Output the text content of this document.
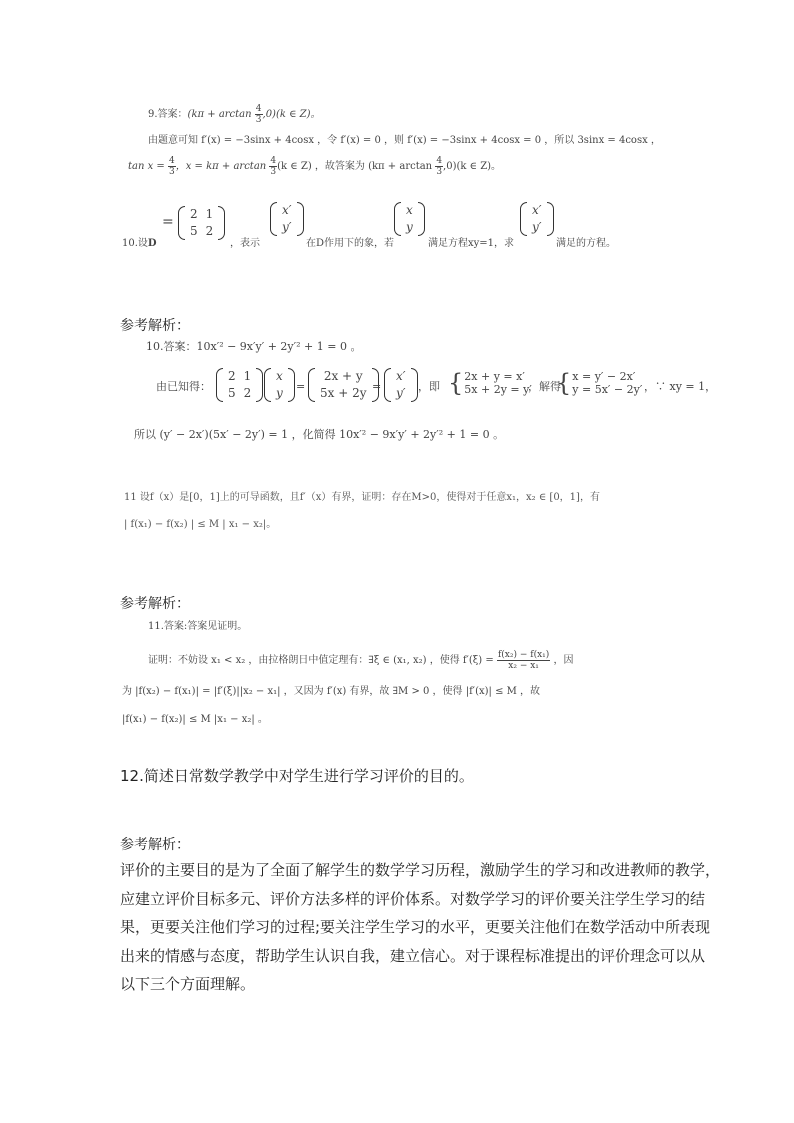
9.答案：$(k\pi + \arctan \frac{4}{3} ,0)(k$ ∈ Z)。
由题意可知 f′(x) = −3sinx + 4cosx ，令 f′(x) = 0 ，则 f′(x) = −3sinx + 4cosx = 0 ，所以 3sinx = 4cosx ，
$\tan x = \frac{4}{3}$ ，$x = k\pi + \arctan \frac{4}{3} (k$ ∈ Z) ，故答案为 $(k\pi + \arctan \frac{4}{3} ,0)(k$ ∈ Z)。
10.设D
= 2	1
5	2
，表示
x′
y′
在D作用下的象，若
x
y
满足方程xy=1，求
x′
y′
满足的方程。
参考解析：
10.答案：10x′² − 9x′y′ + 2y′² + 1 = 0 。
由已知得：
2	1
5	2
x
y =
2x + y
5x + 2y =
x′
y′ ，即 { 2x + y = x′
5x + 2y = y′
，解得
{ x = y′ − 2x′
y = 5x′ − 2y′ ，∵ xy = 1，
所以 (y′ − 2x′)(5x′ − 2y′) = 1 ，化简得 10x′² − 9x′y′ + 2y′² + 1 = 0 。
11 设f（x）是[0，1]上的可导函数，且f′（x）有界，证明：存在M>0，使得对于任意x₁，x₂ ∈ [0，1]，有
| f(x₁) − f(x₂) | ≤ M | x₁ − x₂|。
参考解析：
11.答案:答案见证明。
证明：不妨设 x₁ < x₂ ，由拉格朗日中值定理有：∃ξ ∈ (x₁, x₂) ，使得 $f'(\xi) = \frac{\text{f(x₂) − f(x₁)}}{\text{x₂ − x₁}}$ ，因
为 |f(x₂) − f(x₁)| = |f′(ξ)||x₂ − x₁| ，又因为 f′(x) 有界，故 ∃M > 0 ，使得 |f′(x)| ≤ M ，故
|f(x₁) − f(x₂)| ≤ M |x₁ − x₂| 。
12.简述日常数学教学中对学生进行学习评价的目的。
参考解析：
评价的主要目的是为了全面了解学生的数学学习历程，激励学生的学习和改进教师的教学，
应建立评价目标多元、评价方法多样的评价体系。对数学学习的评价要关注学生学习的结
果，更要关注他们学习的过程;要关注学生学习的水平，更要关注他们在数学活动中所表现
出来的情感与态度，帮助学生认识自我，建立信心。对于课程标准提出的评价理念可以从
以下三个方面理解。
